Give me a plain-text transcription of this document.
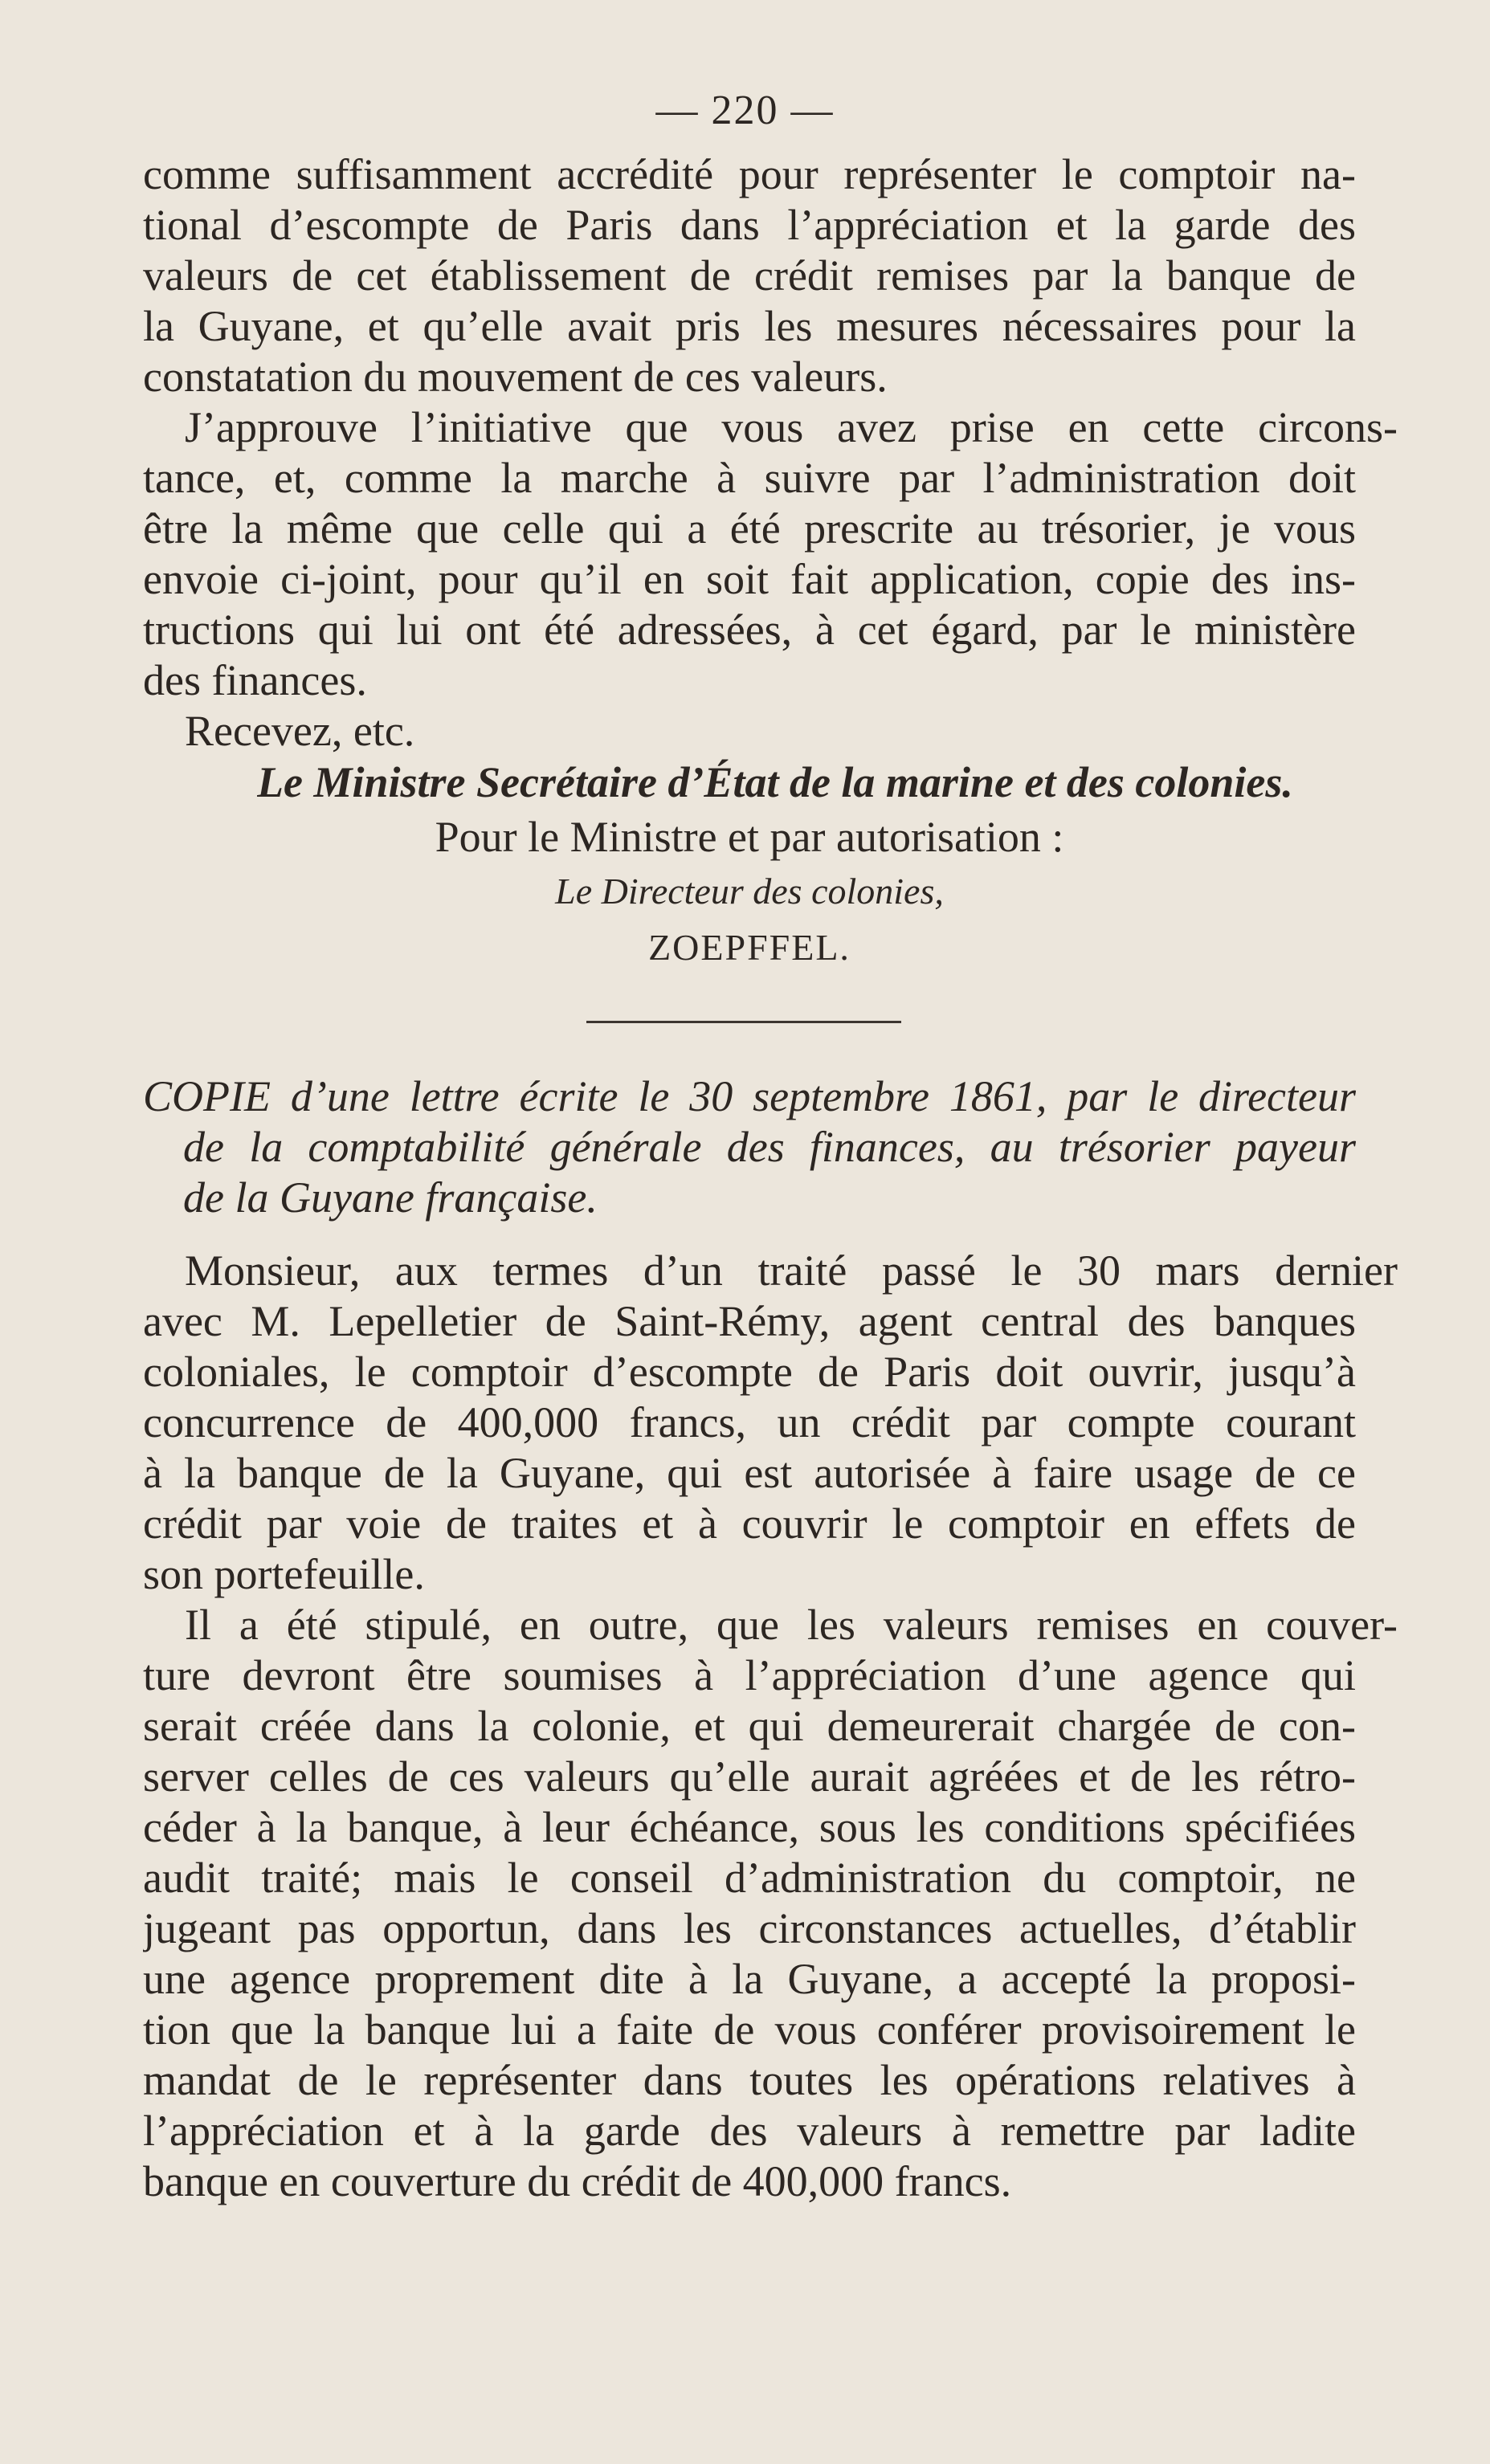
— 220 —
comme suffisamment accrédité pour représenter le comptoir na-
tional d’escompte de Paris dans l’appréciation et la garde des
valeurs de cet établissement de crédit remises par la banque de
la Guyane, et qu’elle avait pris les mesures nécessaires pour la
constatation du mouvement de ces valeurs.
J’approuve l’initiative que vous avez prise en cette circons-
tance, et, comme la marche à suivre par l’administration doit
être la même que celle qui a été prescrite au trésorier, je vous
envoie ci-joint, pour qu’il en soit fait application, copie des ins-
tructions qui lui ont été adressées, à cet égard, par le ministère
des finances.
Recevez, etc.
Le Ministre Secrétaire d’État de la marine et des colonies.
Pour le Ministre et par autorisation :
Le Directeur des colonies,
ZOEPFFEL.
COPIE d’une lettre écrite le 30 septembre 1861, par le directeur
de la comptabilité générale des finances, au trésorier payeur
de la Guyane française.
Monsieur, aux termes d’un traité passé le 30 mars dernier
avec M. Lepelletier de Saint-Rémy, agent central des banques
coloniales, le comptoir d’escompte de Paris doit ouvrir, jusqu’à
concurrence de 400,000 francs, un crédit par compte courant
à la banque de la Guyane, qui est autorisée à faire usage de ce
crédit par voie de traites et à couvrir le comptoir en effets de
son portefeuille.
Il a été stipulé, en outre, que les valeurs remises en couver-
ture devront être soumises à l’appréciation d’une agence qui
serait créée dans la colonie, et qui demeurerait chargée de con-
server celles de ces valeurs qu’elle aurait agréées et de les rétro-
céder à la banque, à leur échéance, sous les conditions spécifiées
audit traité; mais le conseil d’administration du comptoir, ne
jugeant pas opportun, dans les circonstances actuelles, d’établir
une agence proprement dite à la Guyane, a accepté la proposi-
tion que la banque lui a faite de vous conférer provisoirement le
mandat de le représenter dans toutes les opérations relatives à
l’appréciation et à la garde des valeurs à remettre par ladite
banque en couverture du crédit de 400,000 francs.
